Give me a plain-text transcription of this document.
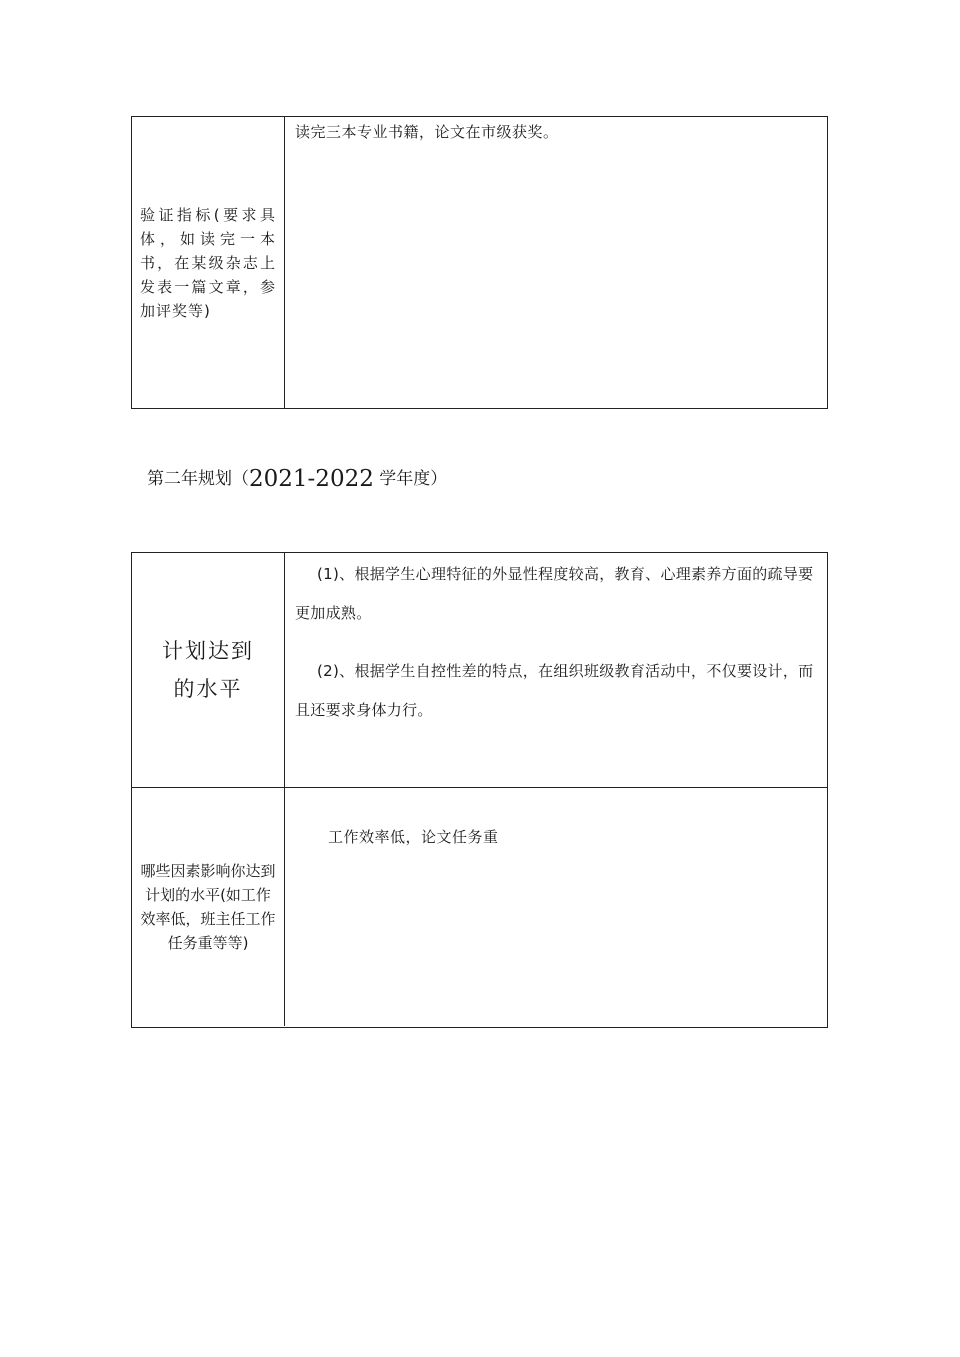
验证指标(要求具体，如读完一本书，在某级杂志上发表一篇文章，参加评奖等)
读完三本专业书籍，论文在市级获奖。
第二年规划（2021-2022 学年度）
计划达到
的水平
(1)、根据学生心理特征的外显性程度较高，教育、心理素养方面的疏导要更加成熟。
(2)、根据学生自控性差的特点，在组织班级教育活动中，不仅要设计，而且还要求身体力行。
哪些因素影响你达到计划的水平(如工作效率低，班主任工作任务重等等)
工作效率低，论文任务重
